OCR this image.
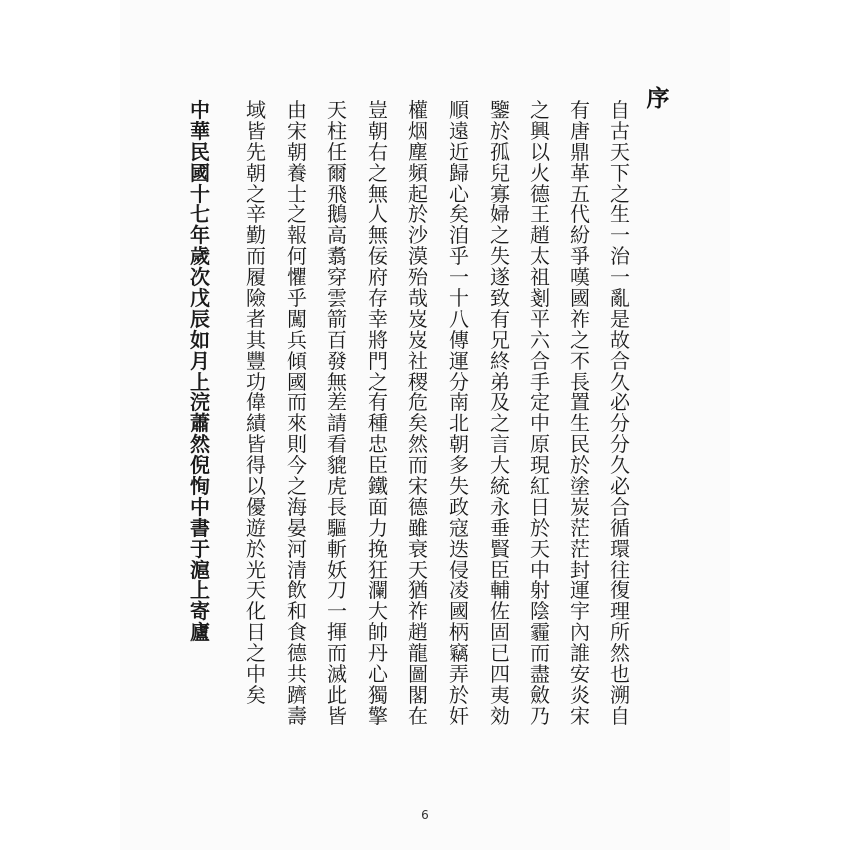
序
自
古
天
下
之
生
一
治
一
亂
是
故
合
久
必
分
分
久
必
合
循
環
往
復
理
所
然
也
溯
自
有
唐
鼎
革
五
代
紛
爭
嘆
國
祚
之
不
長
置
生
民
於
塗
炭
茫
茫
封
運
宇
內
誰
安
炎
宋
之
興
以
火
德
王
趙
太
祖
剗
平
六
合
手
定
中
原
現
紅
日
於
天
中
射
陰
霾
而
盡
斂
乃
鑒
於
孤
兒
寡
婦
之
失
遂
致
有
兄
終
弟
及
之
言
大
統
永
垂
賢
臣
輔
佐
固
已
四
夷
効
順
遠
近
歸
心
矣
洎
乎
一
十
八
傳
運
分
南
北
朝
多
失
政
寇
迭
侵
凌
國
柄
竊
弄
於
奸
權
烟
塵
頻
起
於
沙
漠
殆
哉
岌
岌
社
稷
危
矣
然
而
宋
德
雖
衰
天
猶
祚
趙
龍
圖
閣
在
豈
朝
右
之
無
人
無
佞
府
存
幸
將
門
之
有
種
忠
臣
鐵
面
力
挽
狂
瀾
大
帥
丹
心
獨
擎
天
柱
任
爾
飛
鵝
高
翥
穿
雲
箭
百
發
無
差
請
看
貔
虎
長
驅
斬
妖
刀
一
揮
而
滅
此
皆
由
宋
朝
養
士
之
報
何
懼
乎
闖
兵
傾
國
而
來
則
今
之
海
晏
河
清
飲
和
食
德
共
躋
壽
域
皆
先
朝
之
辛
勤
而
履
險
者
其
豐
功
偉
績
皆
得
以
優
遊
於
光
天
化
日
之
中
矣
中
華
民
國
十
七
年
歲
次
戊
辰
如
月
上
浣
蕭
然
倪
恂
中
書
于
滬
上
寄
廬
6
